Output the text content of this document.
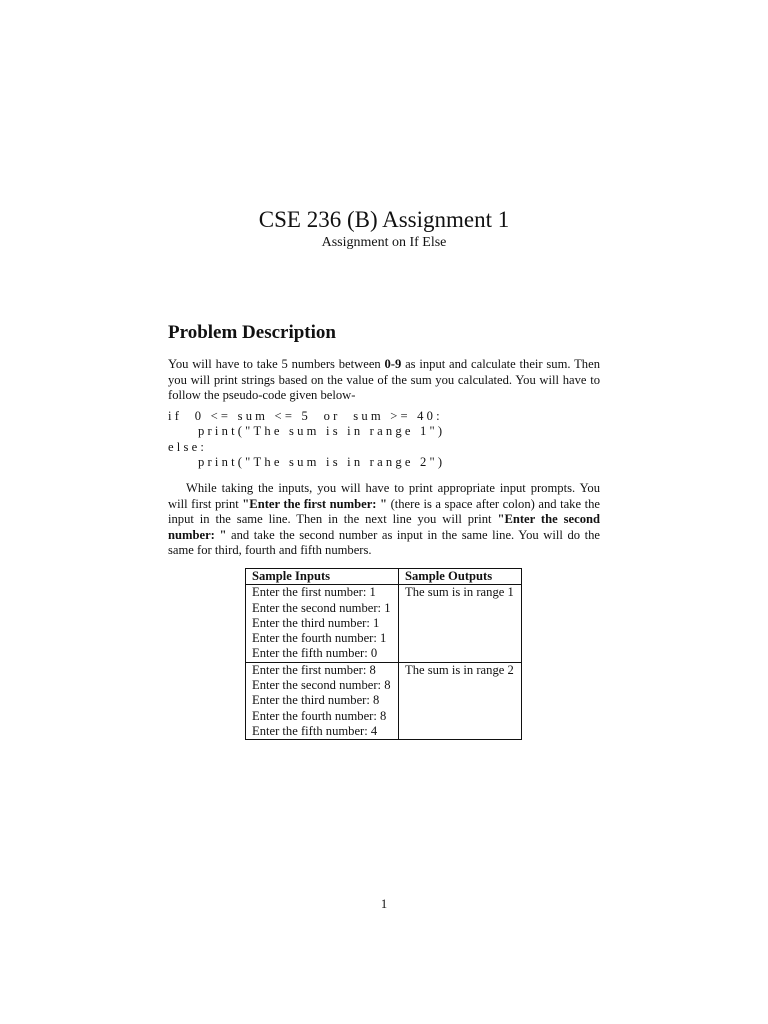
CSE 236 (B) Assignment 1
Assignment on If Else
Problem Description

You will have to take 5 numbers between 0-9 as input and calculate their sum. Then you will print strings based on the value of the sum you calculated. You will have to follow the pseudo-code given below-

if  0 <= sum <= 5  or  sum >= 40:
print("The sum is in range 1")
else:
print("The sum is in range 2")

While taking the inputs, you will have to print appropriate input prompts. You will first print "Enter the first number: " (there is a space after colon) and take the input in the same line. Then in the next line you will print "Enter the second number: " and take the second number as input in the same line. You will do the same for third, fourth and fifth numbers.

Sample Inputs	Sample Outputs

Enter the first number: 1
Enter the second number: 1
Enter the third number: 1
Enter the fourth number: 1
Enter the fifth number: 0	The sum is in range 1

Enter the first number: 8
Enter the second number: 8
Enter the third number: 8
Enter the fourth number: 8
Enter the fifth number: 4	The sum is in range 2
1
